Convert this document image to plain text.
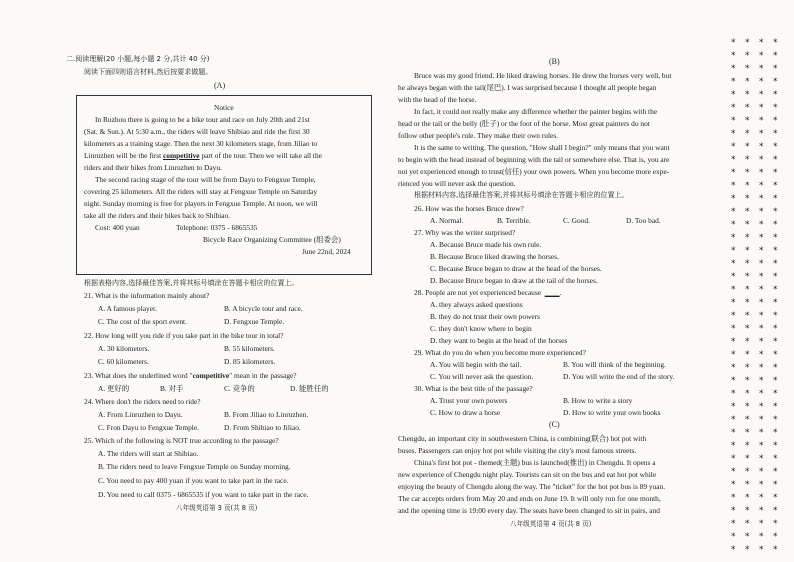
二.阅读理解(20 小题,每小题 2 分,共计 40 分)
阅读下面四则语言材料,然后按要求做题。
(A)
Notice
In Ruzhou there is going to be a bike tour and race on July 20th and 21st
(Sat. & Sun.). At 5:30 a.m., the riders will leave Shibiao and ride the first 30
kilometers as a training stage. Then the next 30 kilometers stage, from Jiliao to
Linruzhen will be the first competitive part of the tour. Then we will take all the
riders and their bikes from Linruzhen to Dayu.
The second racing stage of the tour will be from Dayu to Fengxue Temple,
covering 25 kilometers. All the riders will stay at Fengxue Temple on Saturday
night. Sunday morning is free for players in Fengxue Temple. At noon, we will
take all the riders and their bikes back to Shibiao.
Cost: 400 yuan	Telephone: 0375 - 6865535
Bicycle Race Organizing Committee (组委会)
June 22nd, 2024
根据表格内容,选择最佳答案,并将其标号填涂在答题卡相应的位置上。
21. What is the information mainly about?
A. A famous player.	B. A bicycle tour and race.
C. The cost of the sport event.	D. Fengxue Temple.
22. How long will you ride if you take part in the bike tour in total?
A. 30 kilometers.	B. 55 kilometers.
C. 60 kilometers.	D. 85 kilometers.
23. What does the underlined word "competitive" mean in the passage?
A. 更好的	B. 对手	C. 竞争的	D. 能胜任的
24. Where don't the riders need to ride?
A. From Linruzhen to Dayu.	B. From Jiliao to Linruzhen.
C. Fron Dayu to Fengxue Temple.	D. From Shibiao to Jiliao.
25. Which of the following is NOT true according to the passage?
A. The riders will start at Shibiao.
B. The riders need to leave Fengxue Temple on Sunday morning.
C. You need to pay 400 yuan if you want to take part in the race.
D. You need to call 0375 - 6865535 if you want to take part in the race.
八年级英语第 3 页(共 8 页)
(B)
Bruce was my good friend. He liked drawing horses. He drew the horses very well, but
he always began with the tail(尾巴). I was surprised because I thought all people began
with the head of the horse.
In fact, it could not really make any difference whether the painter begins with the
head or the tail or the belly (肚子) or the foot of the horse. Most great painters do not
follow other people's rule. They make their own rules.
It is the same to writing. The question, "How shall I begin?" only means that you want
to begin with the head instead of beginning with the tail or somewhere else. That is, you are
not yet experienced enough to trust(信任) your own powers. When you become more expe-
rienced you will never ask the question.
根据材料内容,选择最佳答案,并将其标号填涂在答题卡相应的位置上。
26. How was the horses Bruce drew?
A. Normal.	B. Terrible.	C. Good.	D. Too bad.
27. Why was the writer surprised?
A. Because Bruce made his own rule.
B. Because Bruce liked drawing the horses.
C. Because Bruce began to draw at the head of the horses.
D. Because Bruce began to draw at the tail of the horses.
28. People are not yet experienced because ____.
A. they always asked questions
B. they do not trust their own powers
C. they don't know where to begin
D. they want to begin at the head of the horses
29. What do you do when you become more experienced?
A. You will begin with the tail.	B. You will think of the beginning.
C. You will never ask the question.	D. You will write the end of the story.
30. What is the best title of the passage?
A. Trust your own powers	B. How to write a story
C. How to draw a horse	D. How to write your own books
(C)
Chengdu, an important city in southwestern China, is combining(联合) hot pot with
buses. Passengers can enjoy hot pot while visiting the city's most famous streets.
China's first hot pot - themed(主题) bus is launched(推出) in Chengdu. It opens a
new experience of Chengdu night play. Tourists can sit on the bus and eat hot pot while
enjoying the beauty of Chengdu along the way. The "ticket" for the hot pot bus is 89 yuan.
The car accepts orders from May 20 and ends on June 19. It will only run for one month,
and the opening time is 19:00 every day. The seats have been changed to sit in pairs, and
八年级英语第 4 页(共 8 页)
* * * *
* * * *
* * * *
* * * *
* * * *
* * * *
* * * *
* * * *
* * * *
* * * *
* * * *
* * * *
* * * *
* * * *
* * * *
* * * *
* * * *
* * * *
* * * *
* * * *
* * * *
* * * *
* * * *
* * * *
* * * *
* * * *
* * * *
* * * *
* * * *
* * * *
* * * *
* * * *
* * * *
* * * *
* * * *
* * * *
* * * *
* * * *
* * * *
* * * *
